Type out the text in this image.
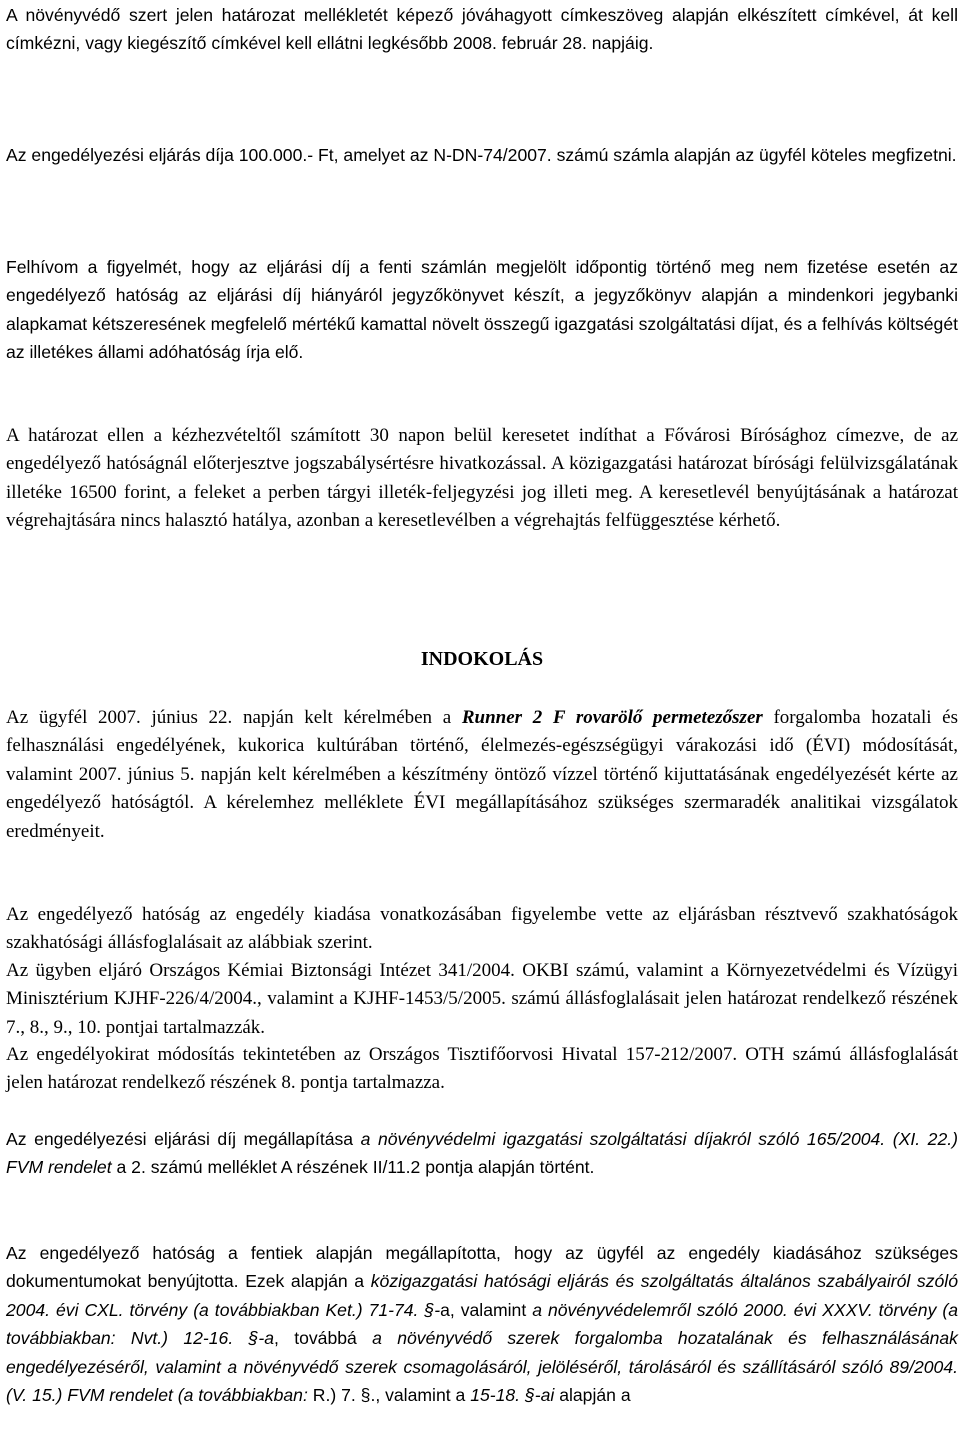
A növényvédő szert jelen határozat mellékletét képező jóváhagyott címkeszöveg alapján elkészített címkével, át kell címkézni, vagy kiegészítő címkével kell ellátni legkésőbb 2008. február 28. napjáig.

Az engedélyezési eljárás díja 100.000.- Ft, amelyet az N-DN-74/2007. számú számla alapján az ügyfél köteles megfizetni.

Felhívom a figyelmét, hogy az eljárási díj a fenti számlán megjelölt időpontig történő meg nem fizetése esetén az engedélyező hatóság az eljárási díj hiányáról jegyzőkönyvet készít, a jegyzőkönyv alapján a mindenkori jegybanki alapkamat kétszeresének megfelelő mértékű kamattal növelt összegű igazgatási szolgáltatási díjat, és a felhívás költségét az illetékes állami adóhatóság írja elő.

A határozat ellen a kézhezvételtől számított 30 napon belül keresetet indíthat a Fővárosi Bírósághoz címezve, de az engedélyező hatóságnál előterjesztve jogszabálysértésre hivatkozással. A közigazgatási határozat bírósági felülvizsgálatának illetéke 16500 forint, a feleket a perben tárgyi illeték-feljegyzési jog illeti meg. A keresetlevél benyújtásának a határozat végrehajtására nincs halasztó hatálya, azonban a keresetlevélben a végrehajtás felfüggesztése kérhető.

INDOKOLÁS

Az ügyfél 2007. június 22. napján kelt kérelmében a Runner 2 F rovarölő permetezőszer forgalomba hozatali és felhasználási engedélyének, kukorica kultúrában történő, élelmezés-egészségügyi várakozási idő (ÉVI) módosítását, valamint 2007. június 5. napján kelt kérelmében a készítmény öntöző vízzel történő kijuttatásának engedélyezését kérte az engedélyező hatóságtól. A kérelemhez melléklete ÉVI megállapításához szükséges szermaradék analitikai vizsgálatok eredményeit.

Az engedélyező hatóság az engedély kiadása vonatkozásában figyelembe vette az eljárásban résztvevő szakhatóságok szakhatósági állásfoglalásait az alábbiak szerint.

Az ügyben eljáró Országos Kémiai Biztonsági Intézet 341/2004. OKBI számú, valamint a Környezetvédelmi és Vízügyi Minisztérium KJHF-226/4/2004., valamint a KJHF-1453/5/2005. számú állásfoglalásait jelen határozat rendelkező részének 7., 8., 9., 10. pontjai tartalmazzák.

Az engedélyokirat módosítás tekintetében az Országos Tisztifőorvosi Hivatal 157-212/2007. OTH számú állásfoglalását jelen határozat rendelkező részének 8. pontja tartalmazza.

Az engedélyezési eljárási díj megállapítása a növényvédelmi igazgatási szolgáltatási díjakról szóló 165/2004. (XI. 22.) FVM rendelet a 2. számú melléklet A részének II/11.2 pontja alapján történt.

Az engedélyező hatóság a fentiek alapján megállapította, hogy az ügyfél az engedély kiadásához szükséges dokumentumokat benyújtotta. Ezek alapján a közigazgatási hatósági eljárás és szolgáltatás általános szabályairól szóló 2004. évi CXL. törvény (a továbbiakban Ket.) 71-74. §-a, valamint a növényvédelemről szóló 2000. évi XXXV. törvény (a továbbiakban: Nvt.) 12-16. §-a, továbbá a növényvédő szerek forgalomba hozatalának és felhasználásának engedélyezéséről, valamint a növényvédő szerek csomagolásáról, jelöléséről, tárolásáról és szállításáról szóló 89/2004. (V. 15.) FVM rendelet (a továbbiakban: R.) 7. §., valamint a 15-18. §-ai alapján a
